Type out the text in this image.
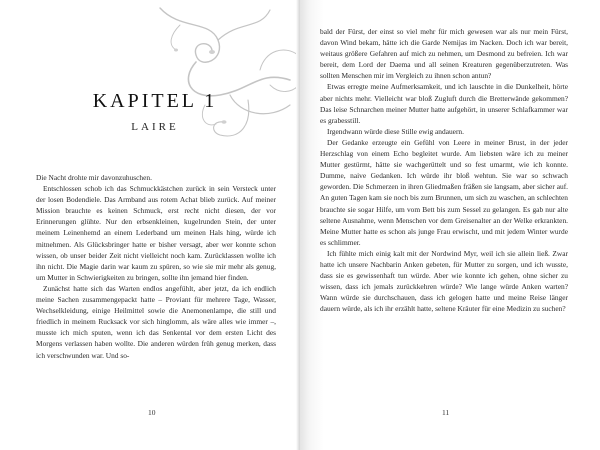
KAPITEL 1
LAIRE

Die Nacht drohte mir davonzuhuschen.

Entschlossen schob ich das Schmuckkästchen zurück in sein Versteck unter der losen Bodendiele. Das Armband aus rotem Achat blieb zurück. Auf meiner Mission brauchte es keinen Schmuck, erst recht nicht diesen, der vor Erinnerungen glühte. Nur den erbsenkleinen, kugelrunden Stein, der unter meinem Leinenhemd an einem Lederband um meinen Hals hing, würde ich mitnehmen. Als Glücksbringer hatte er bisher versagt, aber wer konnte schon wissen, ob unser beider Zeit nicht vielleicht noch kam. Zurücklassen wollte ich ihn nicht. Die Magie darin war kaum zu spüren, so wie sie mir mehr als genug, um Mutter in Schwierigkeiten zu bringen, sollte ihn jemand hier finden.

Zunächst hatte sich das Warten endlos angefühlt, aber jetzt, da ich endlich meine Sachen zusammengepackt hatte – Proviant für mehrere Tage, Wasser, Wechselkleidung, einige Heilmittel sowie die Anemonenlampe, die still und friedlich in meinem Rucksack vor sich hinglomm, als wäre alles wie immer –, musste ich mich sputen, wenn ich das Senkental vor dem ersten Licht des Morgens verlassen haben wollte. Die anderen würden früh genug merken, dass ich verschwunden war. Und so-

10

bald der Fürst, der einst so viel mehr für mich gewesen war als nur mein Fürst, davon Wind bekam, hätte ich die Garde Nemijas im Nacken. Doch ich war bereit, weitaus größere Gefahren auf mich zu nehmen, um Desmond zu befreien. Ich war bereit, dem Lord der Daema und all seinen Kreaturen gegenüberzutreten. Was sollten Menschen mir im Vergleich zu ihnen schon antun?

Etwas erregte meine Aufmerksamkeit, und ich lauschte in die Dunkelheit, hörte aber nichts mehr. Vielleicht war bloß Zugluft durch die Bretterwände gekommen? Das leise Schnarchen meiner Mutter hatte aufgehört, in unserer Schlafkammer war es grabesstill.

Irgendwann würde diese Stille ewig andauern.

Der Gedanke erzeugte ein Gefühl von Leere in meiner Brust, in der jeder Herzschlag von einem Echo begleitet wurde. Am liebsten wäre ich zu meiner Mutter gestürmt, hätte sie wachgerüttelt und so fest umarmt, wie ich konnte. Dumme, naive Gedanken. Ich würde ihr bloß wehtun. Sie war so schwach geworden. Die Schmerzen in ihren Gliedmaßen fräßen sie langsam, aber sicher auf. An guten Tagen kam sie noch bis zum Brunnen, um sich zu waschen, an schlechten brauchte sie sogar Hilfe, um vom Bett bis zum Sessel zu gelangen. Es gab nur alte seltene Ausnahme, wenn Menschen vor dem Greisenalter an der Welke erkrankten. Meine Mutter hatte es schon als junge Frau erwischt, und mit jedem Winter wurde es schlimmer.

Ich fühlte mich einig kalt mit der Nordwind Myr, weil ich sie allein ließ. Zwar hatte ich unsere Nachbarin Anken gebeten, für Mutter zu sorgen, und ich wusste, dass sie es gewissenhaft tun würde. Aber wie konnte ich gehen, ohne sicher zu wissen, dass ich jemals zurückkehren würde? Wie lange würde Anken warten? Wann würde sie durchschauen, dass ich gelogen hatte und meine Reise länger dauern würde, als ich ihr erzählt hatte, seltene Kräuter für eine Medizin zu suchen?

11
